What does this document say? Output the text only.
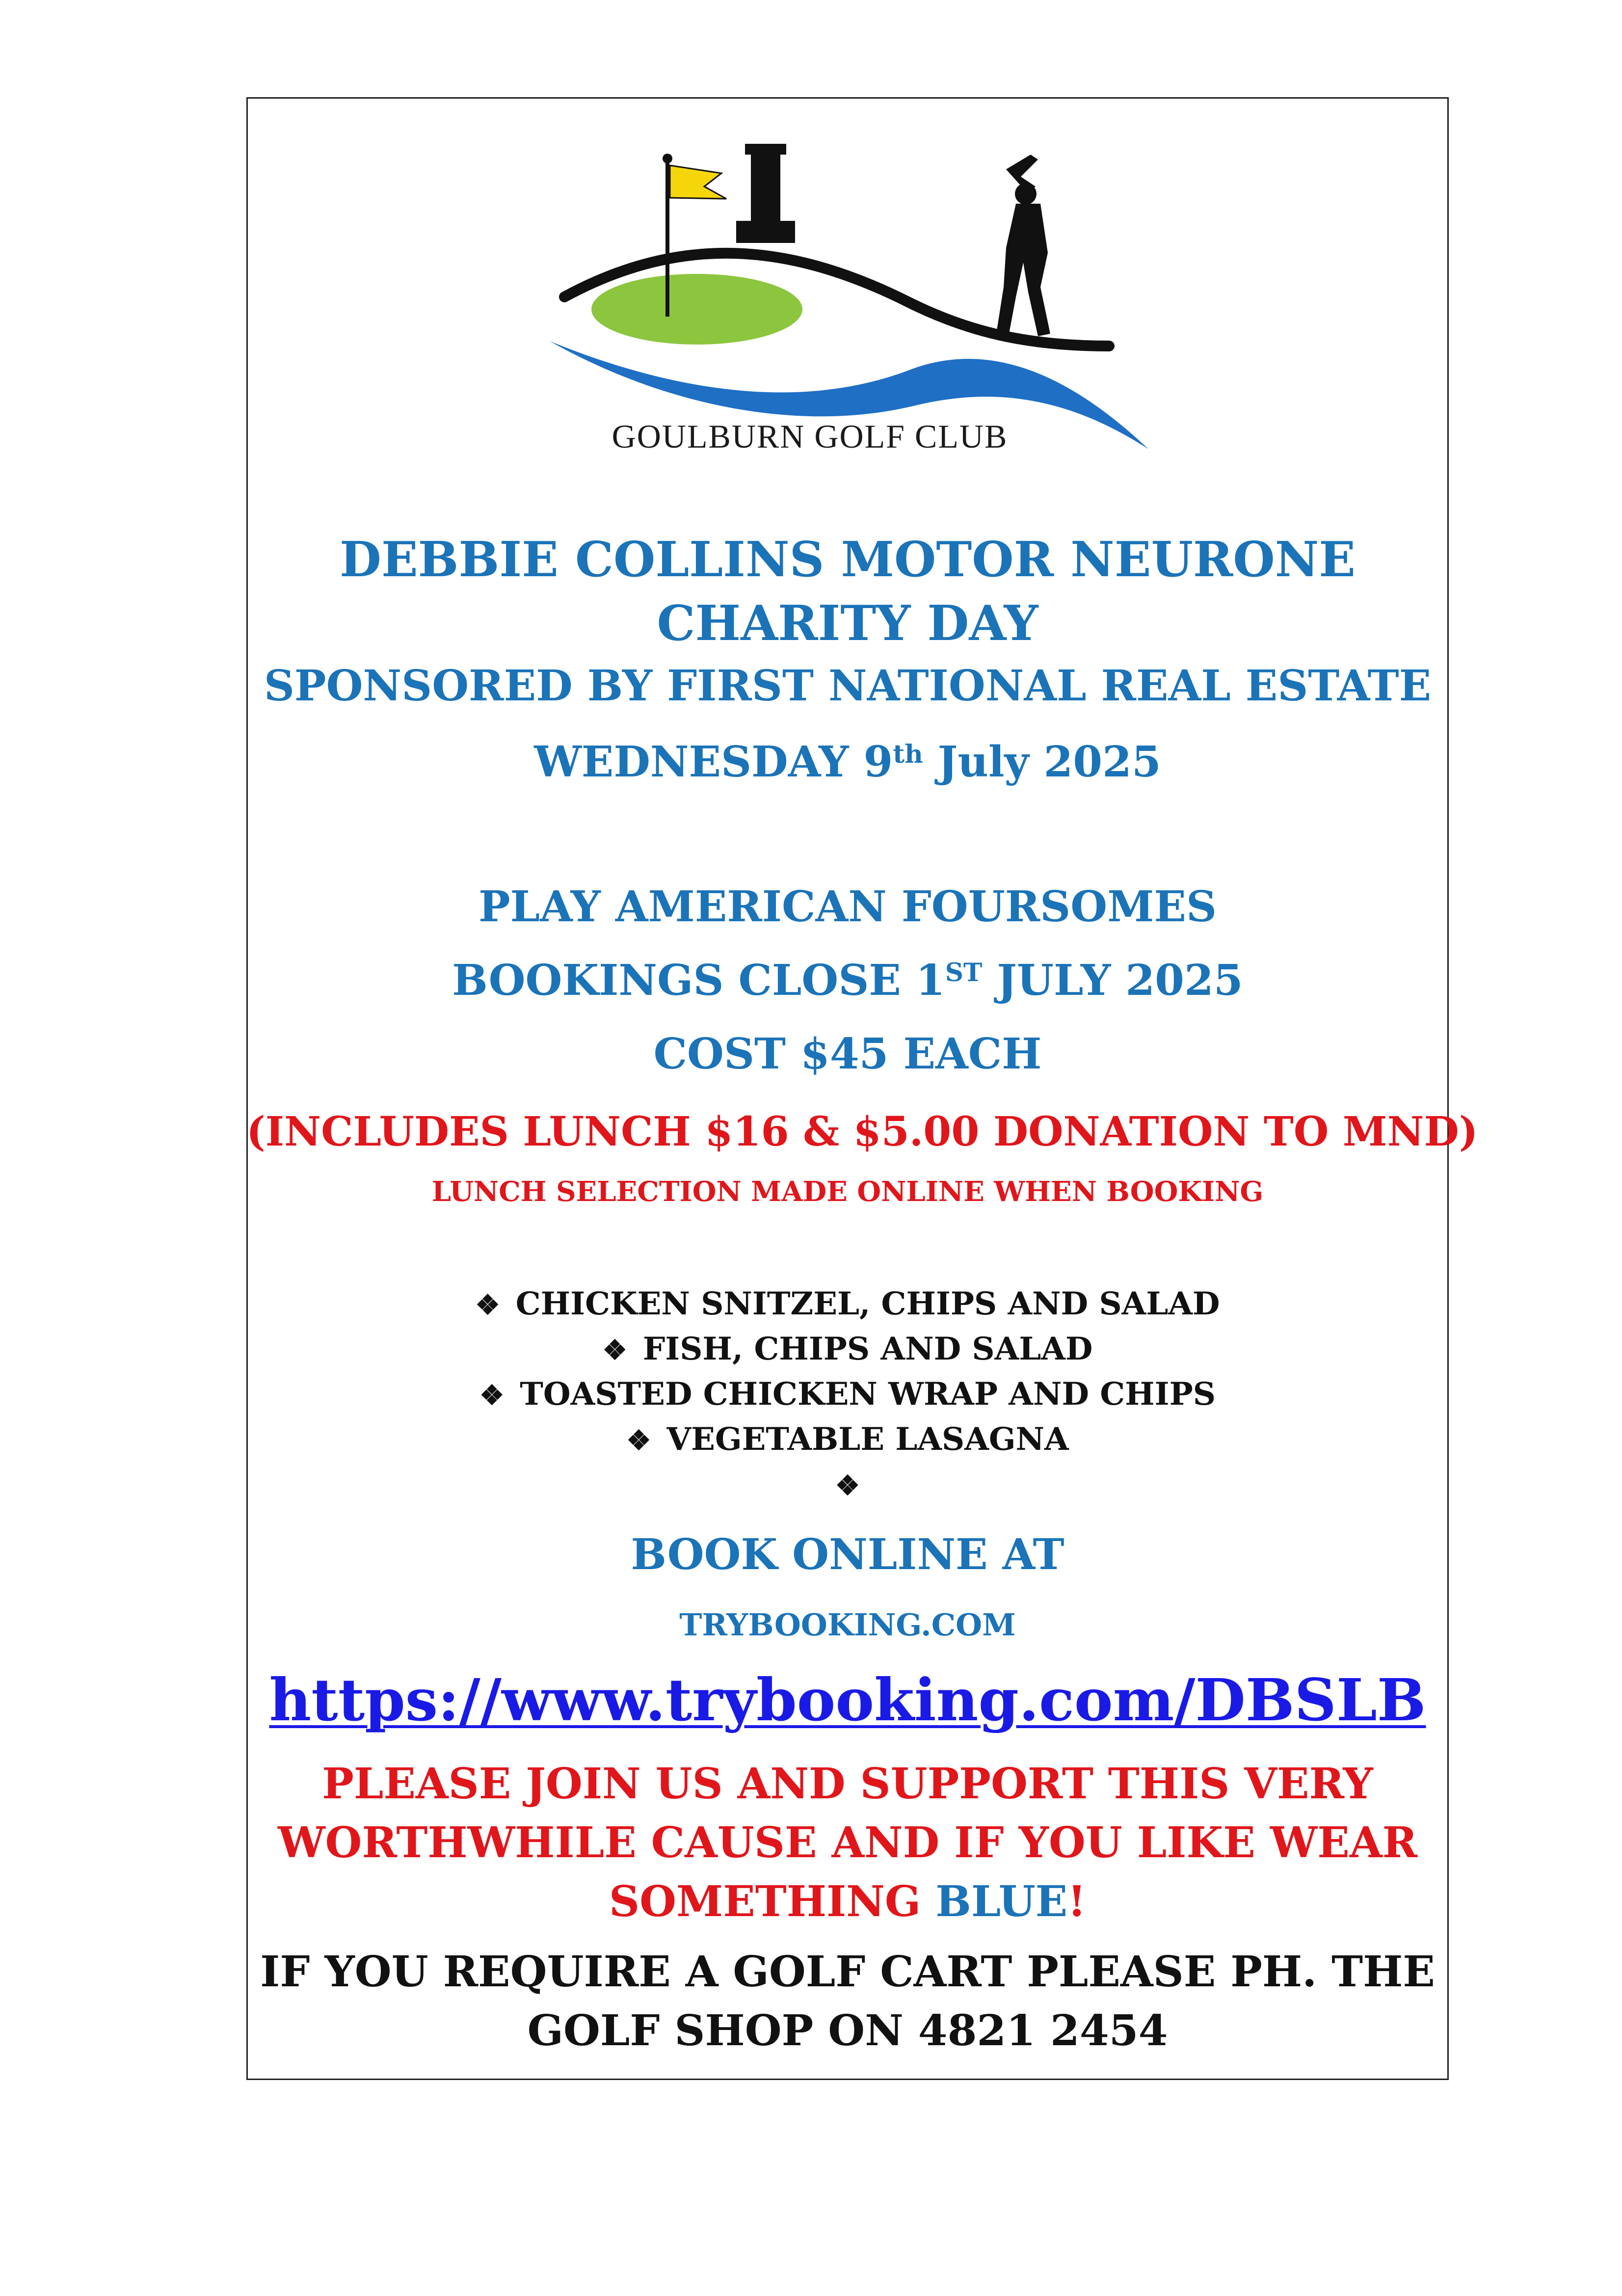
GOULBURN GOLF CLUB
DEBBIE COLLINS MOTOR NEURONE
CHARITY DAY
SPONSORED BY FIRST NATIONAL REAL ESTATE
WEDNESDAY 9th July 2025
PLAY AMERICAN FOURSOMES
BOOKINGS CLOSE 1ST JULY 2025
COST $45 EACH
(INCLUDES LUNCH $16 & $5.00 DONATION TO MND)
LUNCH SELECTION MADE ONLINE WHEN BOOKING
❖ CHICKEN SNITZEL, CHIPS AND SALAD
❖ FISH, CHIPS AND SALAD
❖ TOASTED CHICKEN WRAP AND CHIPS
❖ VEGETABLE LASAGNA
❖
BOOK ONLINE AT
TRYBOOKING.COM
https://www.trybooking.com/DBSLB
PLEASE JOIN US AND SUPPORT THIS VERY
WORTHWHILE CAUSE AND IF YOU LIKE WEAR
SOMETHING BLUE!
IF YOU REQUIRE A GOLF CART PLEASE PH. THE
GOLF SHOP ON 4821 2454
